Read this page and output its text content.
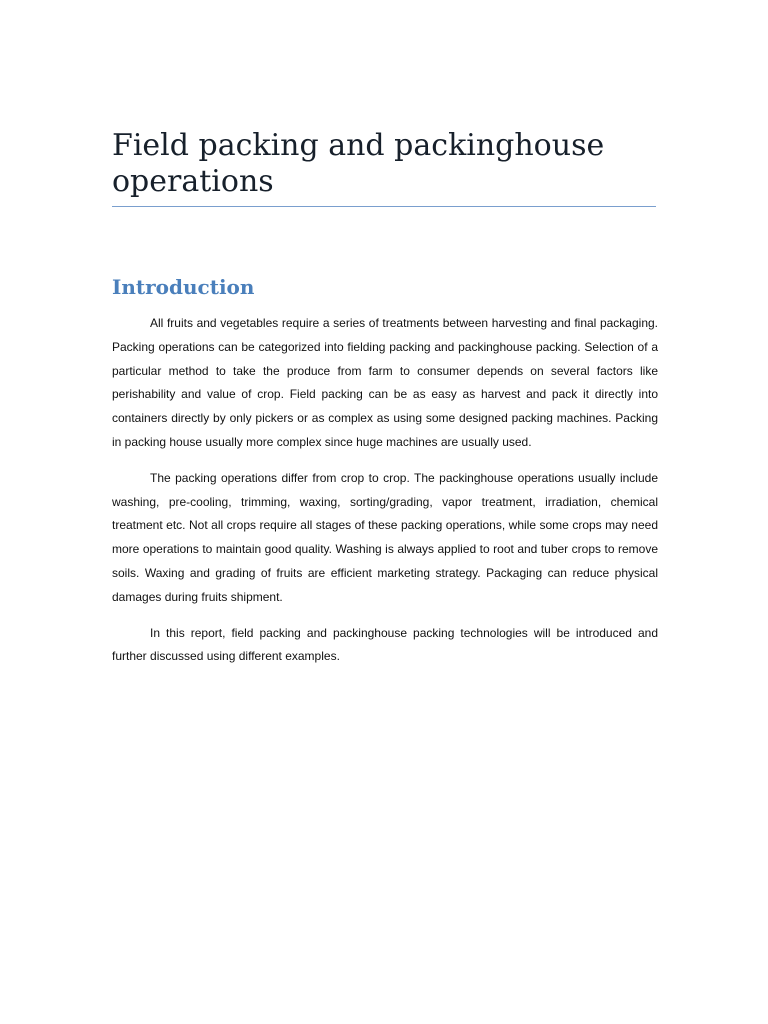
Field packing and packinghouse operations
Introduction

All fruits and vegetables require a series of treatments between harvesting and final packaging. Packing operations can be categorized into fielding packing and packinghouse packing. Selection of a particular method to take the produce from farm to consumer depends on several factors like perishability and value of crop. Field packing can be as easy as harvest and pack it directly into containers directly by only pickers or as complex as using some designed packing machines. Packing in packing house usually more complex since huge machines are usually used.

The packing operations differ from crop to crop. The packinghouse operations usually include washing, pre-cooling, trimming, waxing, sorting/grading, vapor treatment, irradiation, chemical treatment etc. Not all crops require all stages of these packing operations, while some crops may need more operations to maintain good quality. Washing is always applied to root and tuber crops to remove soils. Waxing and grading of fruits are efficient marketing strategy. Packaging can reduce physical damages during fruits shipment.

In this report, field packing and packinghouse packing technologies will be introduced and further discussed using different examples.
